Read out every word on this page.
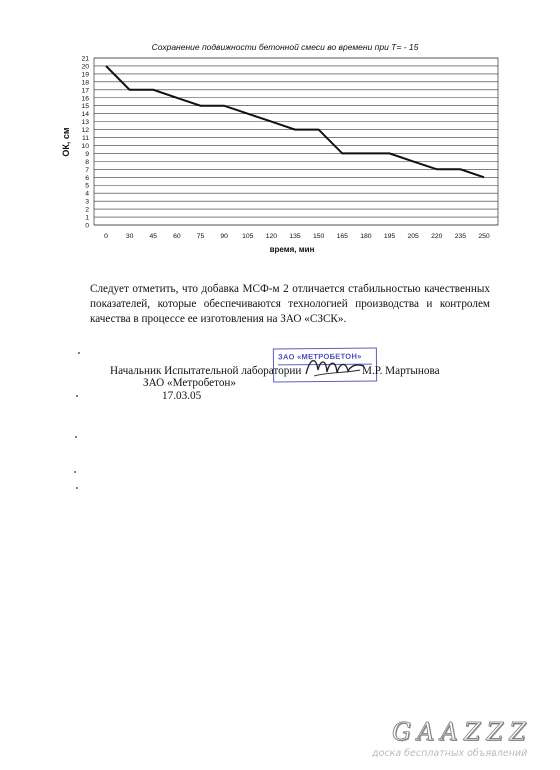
Сохранение подвижности бетонной смеси во времени при T= - 15
0
1
2
3
4
5
6
7
8
9
10
11
12
13
14
15
16
17
18
19
20
21
0	30 45 60 75 90 105 120 135 150 165 180 195 205 220 235 250
ОК, см
время, мин

Следует отметить, что добавка МСФ-м 2 отличается стабильностью качественных показателей, которые обеспечиваются технологией производства и контролем качества в процессе ее изготовления на ЗАО «СЗСК».

ЗАО «МЕТРОБЕТОН»
Начальник Испытательной лаборатории	М.Р. Мартынова
ЗАО «Метробетон»
17.03.05
GAAZZZ
доска бесплатных объявлений
